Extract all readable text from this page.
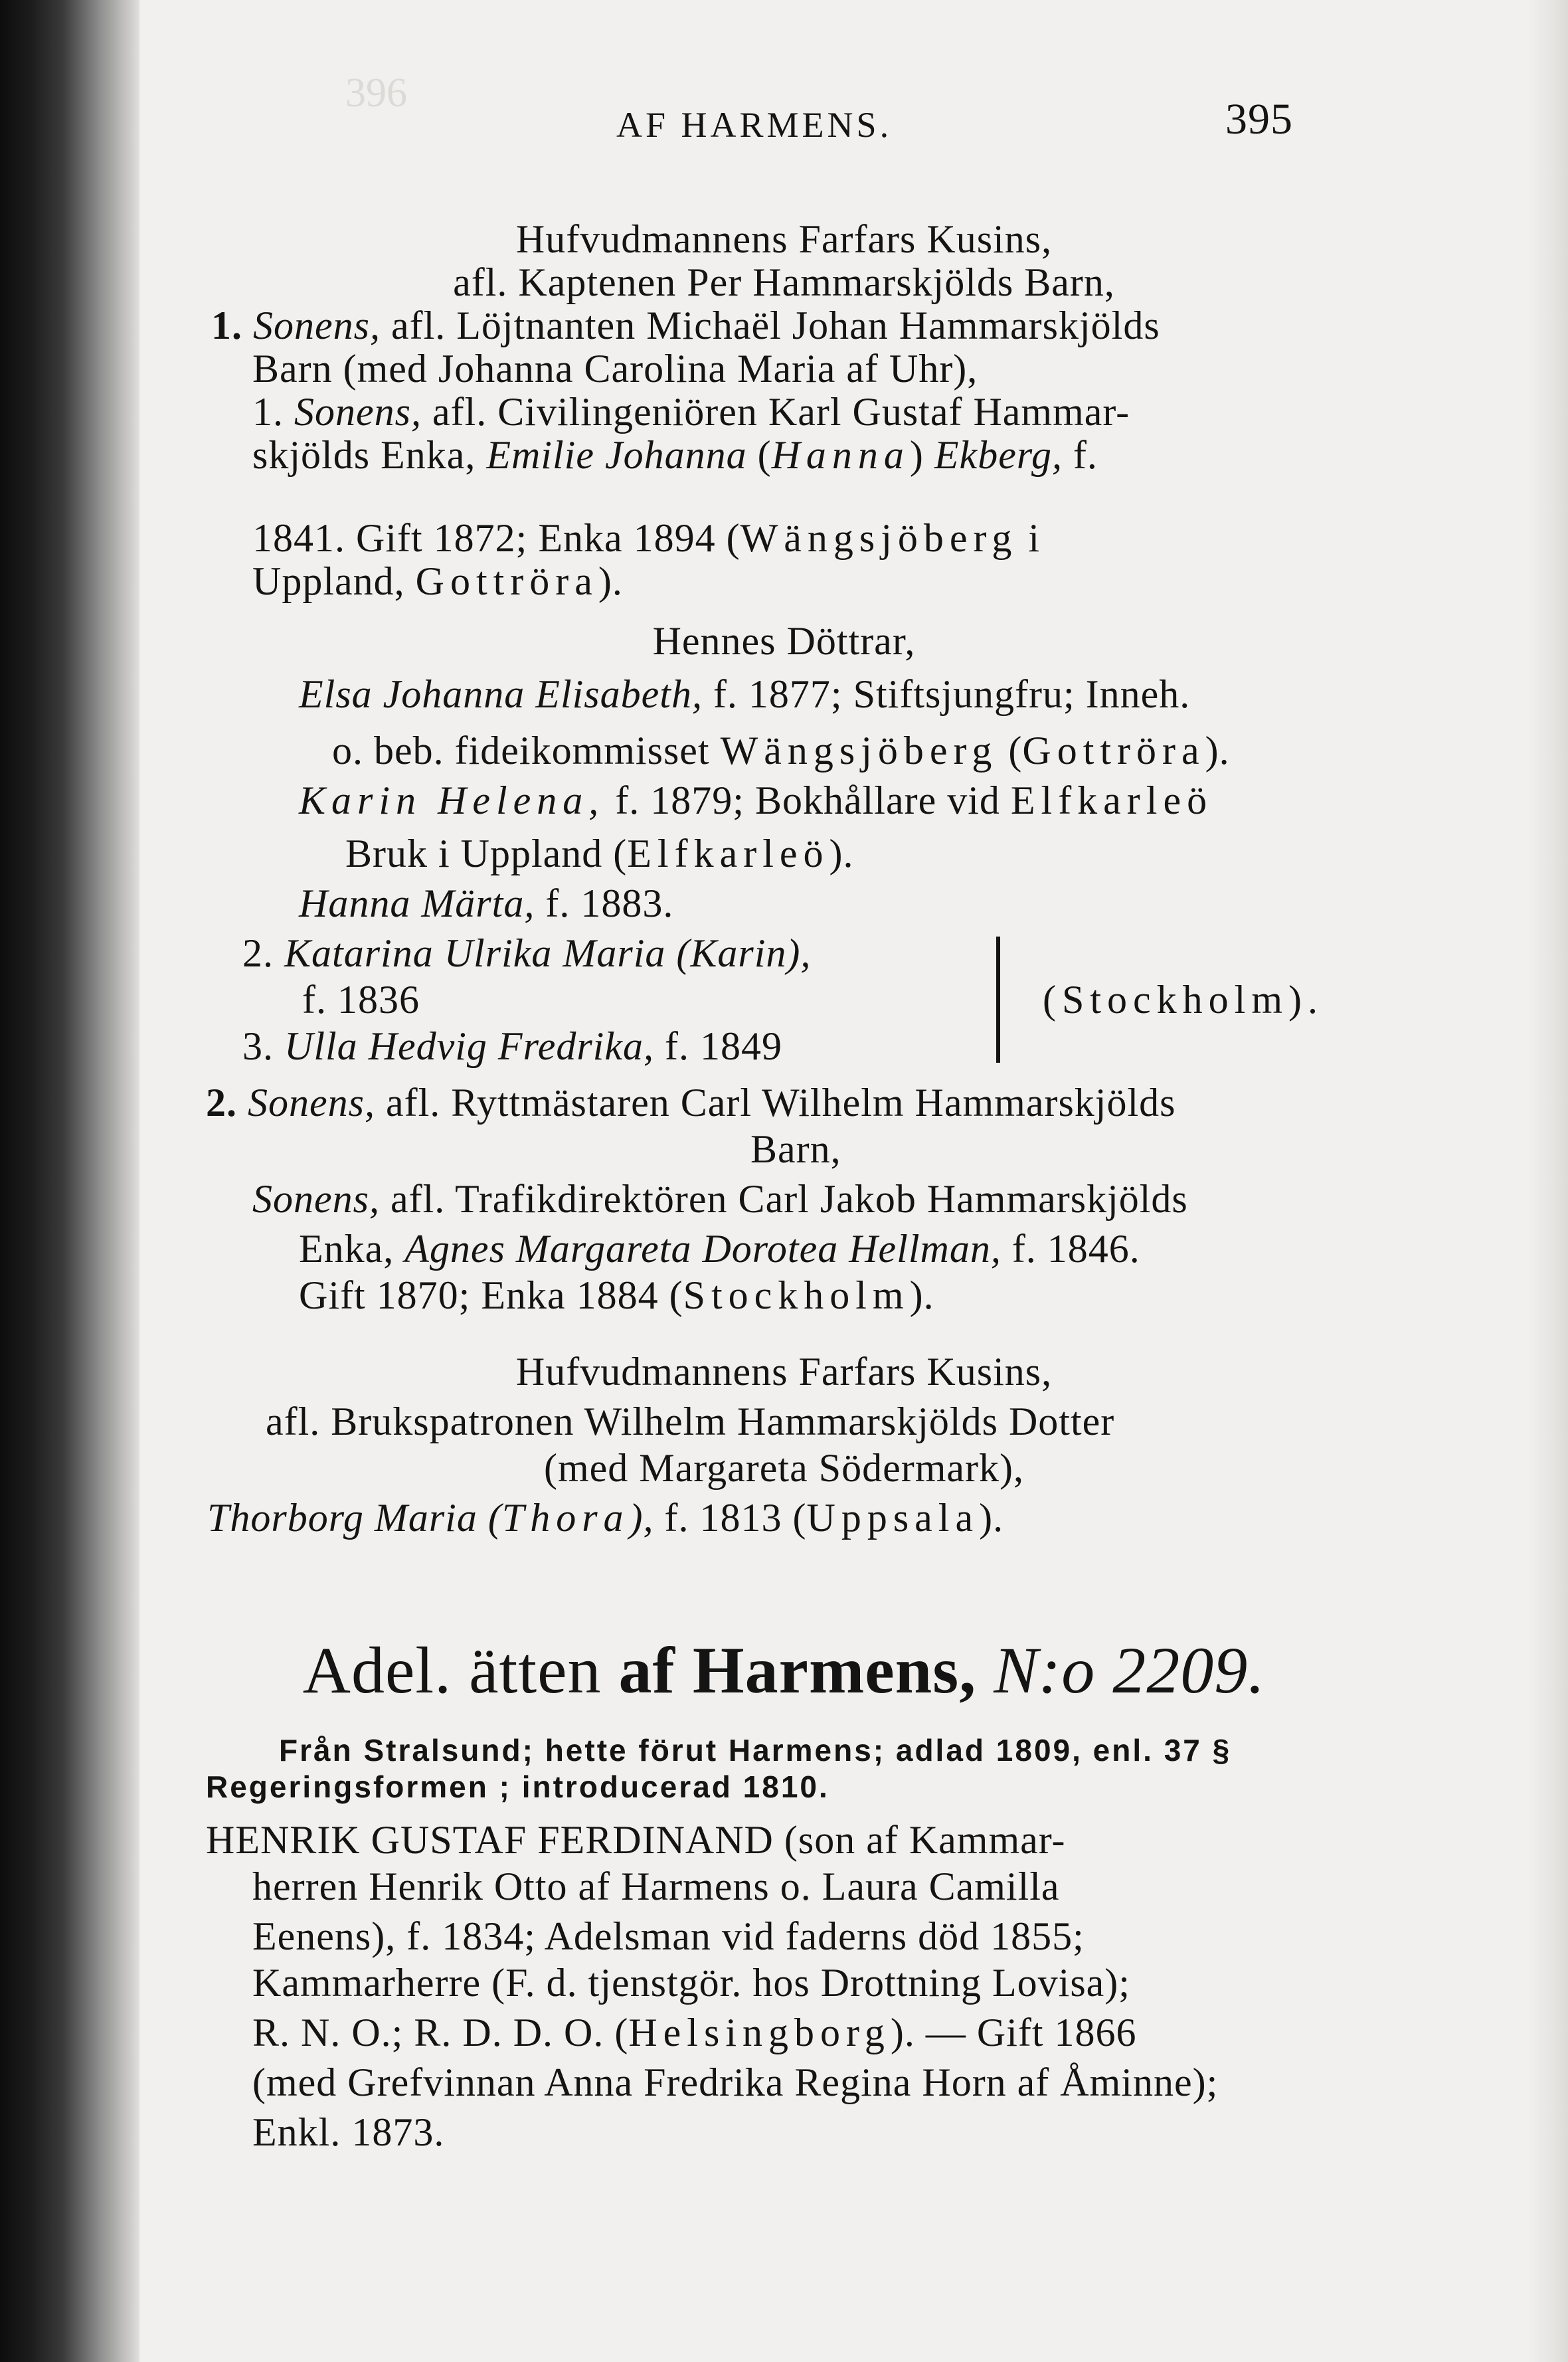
396
AF HARMENS.	395
Hufvudmannens Farfars Kusins,
afl. Kaptenen Per Hammarskjölds Barn,
1. Sonens, afl. Löjtnanten Michaël Johan Hammarskjölds
Barn (med Johanna Carolina Maria af Uhr),
1. Sonens, afl. Civilingeniören Karl Gustaf Hammar-
skjölds Enka, Emilie Johanna (Hanna) Ekberg, f.
1841. Gift 1872; Enka 1894 (Wängsjöberg i
Uppland, Gottröra).
Hennes Döttrar,
Elsa Johanna Elisabeth, f. 1877; Stiftsjungfru; Inneh.
o. beb. fideikommisset Wängsjöberg (Gottröra).
Karin Helena, f. 1879; Bokhållare vid Elfkarleö
Bruk i Uppland (Elfkarleö).
Hanna Märta, f. 1883.
2. Katarina Ulrika Maria (Karin),
f. 1836	(Stockholm).
3. Ulla Hedvig Fredrika, f. 1849
2. Sonens, afl. Ryttmästaren Carl Wilhelm Hammarskjölds
Barn,
Sonens, afl. Trafikdirektören Carl Jakob Hammarskjölds
Enka, Agnes Margareta Dorotea Hellman, f. 1846.
Gift 1870; Enka 1884 (Stockholm).
Hufvudmannens Farfars Kusins,
afl. Brukspatronen Wilhelm Hammarskjölds Dotter
(med Margareta Södermark),
Thorborg Maria (Thora), f. 1813 (Uppsala).
Adel. ätten af Harmens, N:o 2209.
Från Stralsund; hette förut Harmens; adlad 1809, enl. 37 §
Regeringsformen ; introducerad 1810.
HENRIK GUSTAF FERDINAND (son af Kammar-
herren Henrik Otto af Harmens o. Laura Camilla
Eenens), f. 1834; Adelsman vid faderns död 1855;
Kammarherre (F. d. tjenstgör. hos Drottning Lovisa);
R. N. O.; R. D. D. O. (Helsingborg). — Gift 1866
(med Grefvinnan Anna Fredrika Regina Horn af Åminne);
Enkl. 1873.
